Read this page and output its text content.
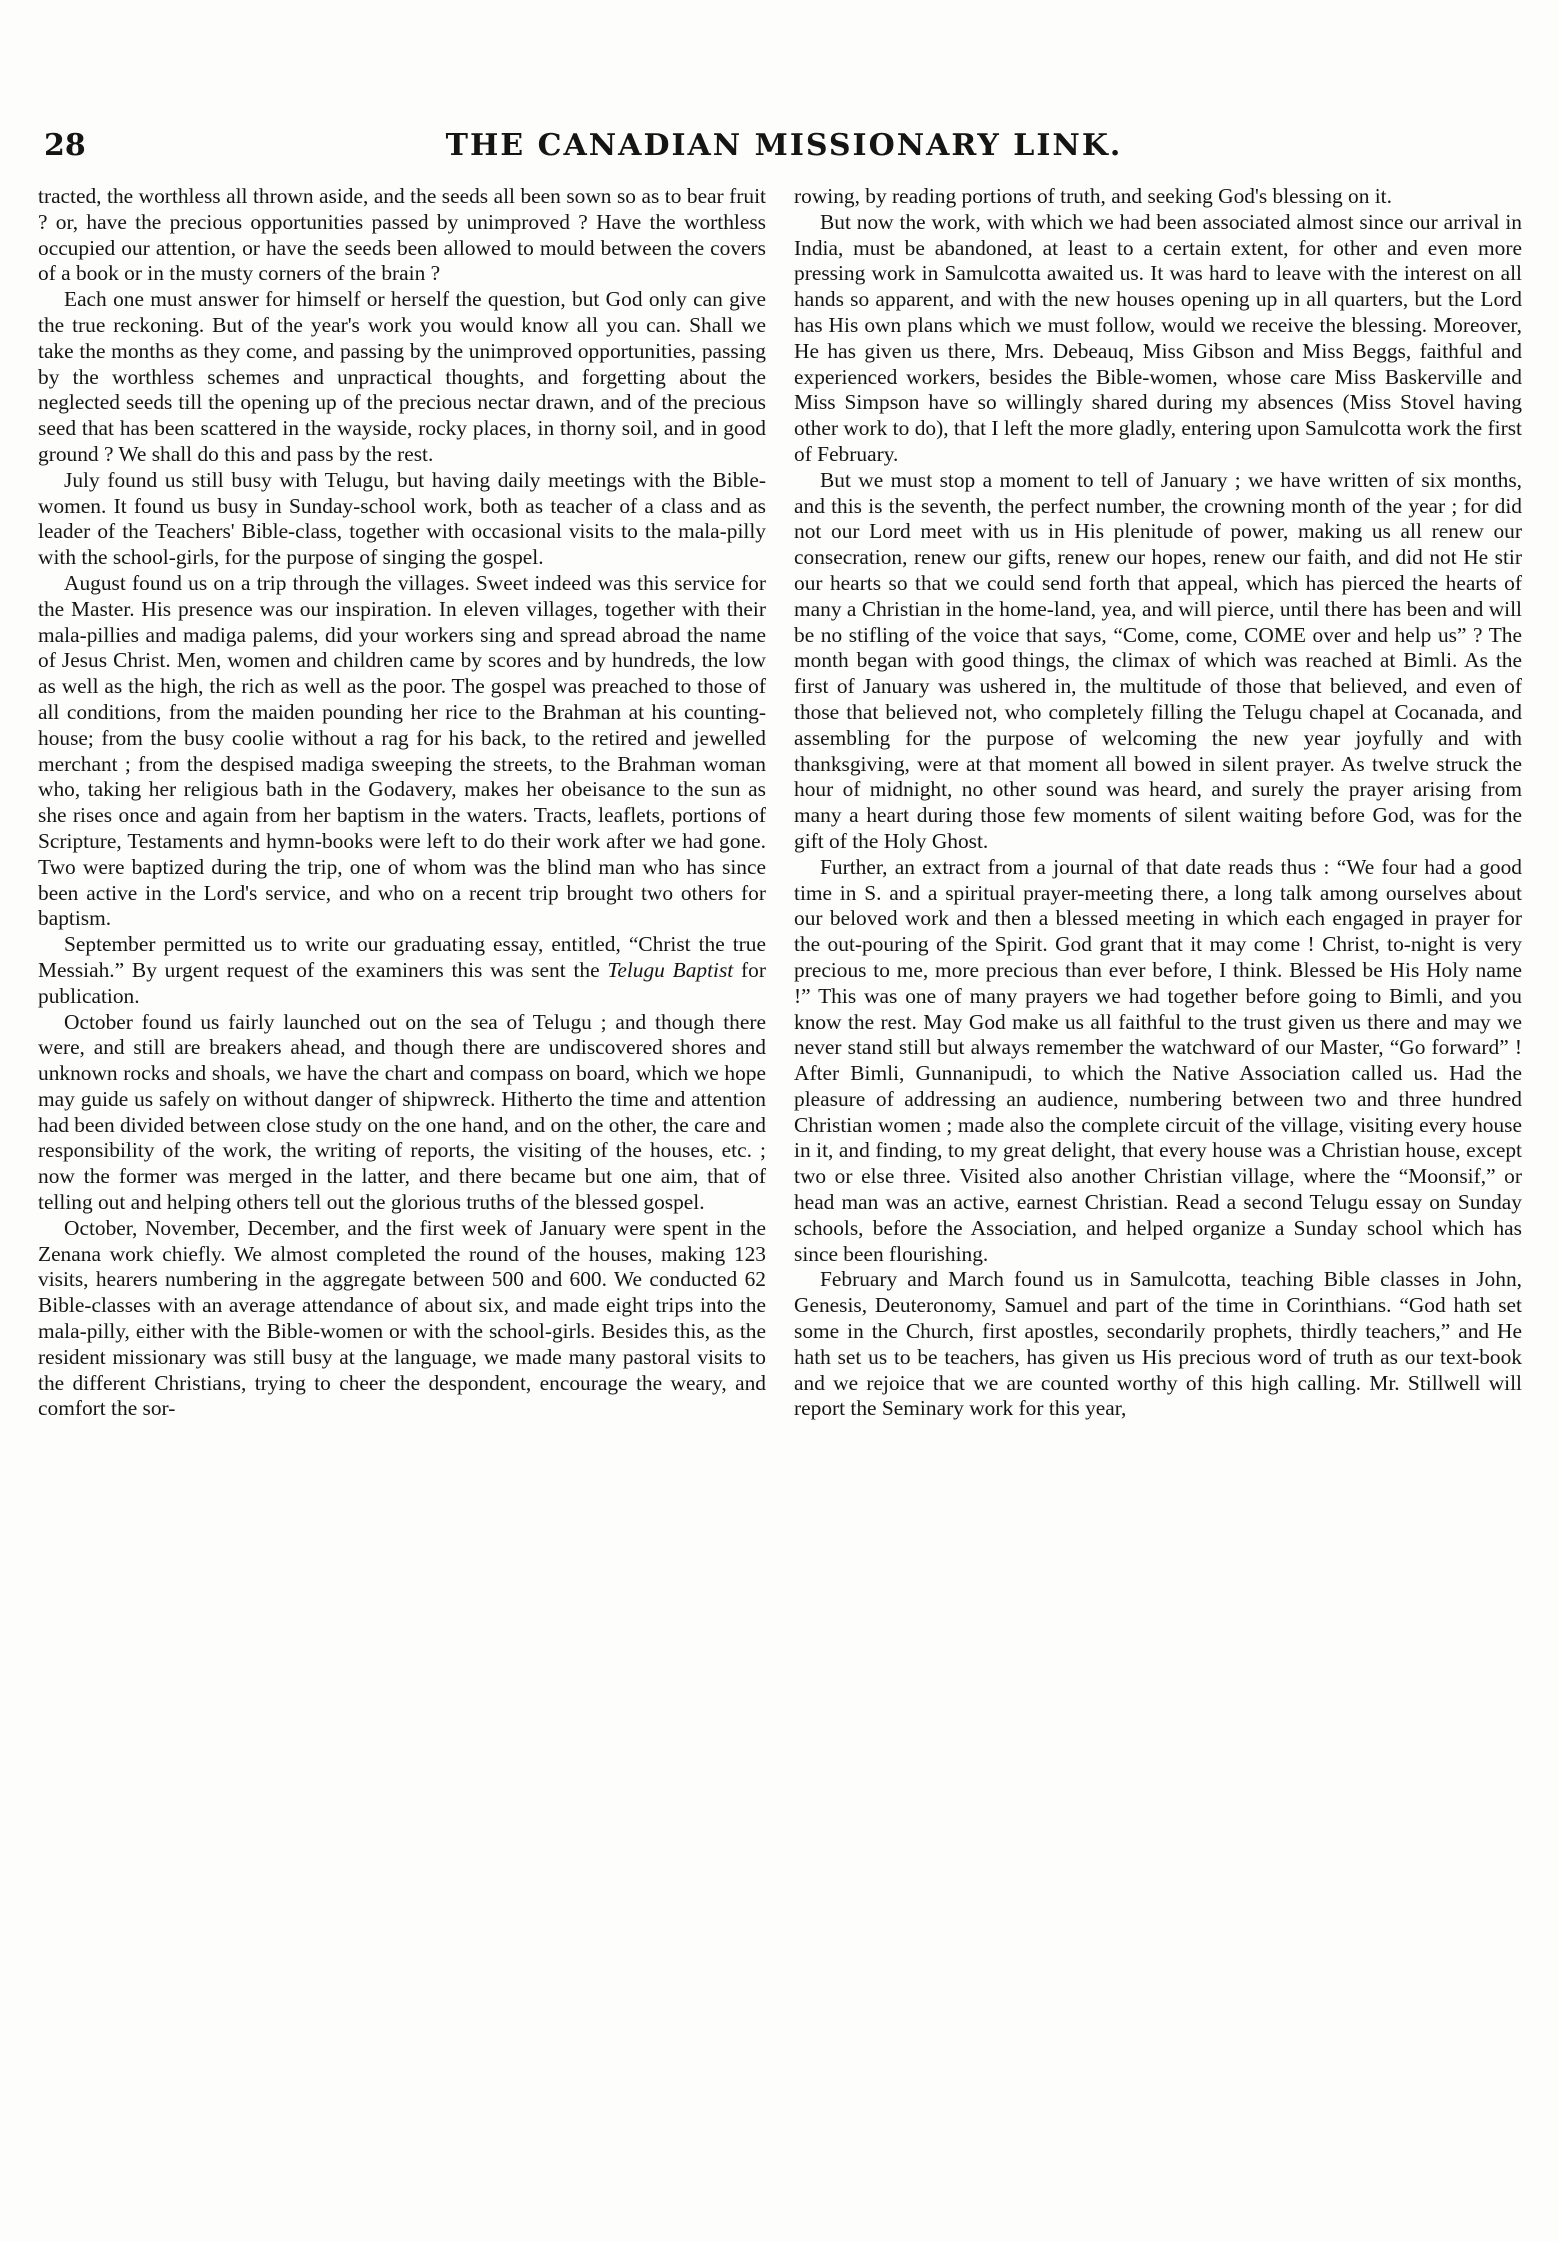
28	THE CANADIAN MISSIONARY LINK.

tracted, the worthless all thrown aside, and the seeds all been sown so as to bear fruit ? or, have the precious opportunities passed by unimproved ? Have the worthless occupied our attention, or have the seeds been allowed to mould between the covers of a book or in the musty corners of the brain ?

Each one must answer for himself or herself the question, but God only can give the true reckoning. But of the year's work you would know all you can. Shall we take the months as they come, and passing by the unimproved opportunities, passing by the worthless schemes and unpractical thoughts, and forgetting about the neglected seeds till the opening up of the precious nectar drawn, and of the precious seed that has been scattered in the wayside, rocky places, in thorny soil, and in good ground ? We shall do this and pass by the rest.

July found us still busy with Telugu, but having daily meetings with the Bible-women. It found us busy in Sunday-school work, both as teacher of a class and as leader of the Teachers' Bible-class, together with occasional visits to the mala-pilly with the school-girls, for the purpose of singing the gospel.

August found us on a trip through the villages. Sweet indeed was this service for the Master. His presence was our inspiration. In eleven villages, together with their mala-pillies and madiga palems, did your workers sing and spread abroad the name of Jesus Christ. Men, women and children came by scores and by hundreds, the low as well as the high, the rich as well as the poor. The gospel was preached to those of all conditions, from the maiden pounding her rice to the Brahman at his counting-house; from the busy coolie without a rag for his back, to the retired and jewelled merchant ; from the despised madiga sweeping the streets, to the Brahman woman who, taking her religious bath in the Godavery, makes her obeisance to the sun as she rises once and again from her baptism in the waters. Tracts, leaflets, portions of Scripture, Testaments and hymn-books were left to do their work after we had gone. Two were baptized during the trip, one of whom was the blind man who has since been active in the Lord's service, and who on a recent trip brought two others for baptism.

September permitted us to write our graduating essay, entitled, “Christ the true Messiah.” By urgent request of the examiners this was sent the Telugu Baptist for publication.

October found us fairly launched out on the sea of Telugu ; and though there were, and still are breakers ahead, and though there are undiscovered shores and unknown rocks and shoals, we have the chart and compass on board, which we hope may guide us safely on without danger of shipwreck. Hitherto the time and attention had been divided between close study on the one hand, and on the other, the care and responsibility of the work, the writing of reports, the visiting of the houses, etc. ; now the former was merged in the latter, and there became but one aim, that of telling out and helping others tell out the glorious truths of the blessed gospel.

October, November, December, and the first week of January were spent in the Zenana work chiefly. We almost completed the round of the houses, making 123 visits, hearers numbering in the aggregate between 500 and 600. We conducted 62 Bible-classes with an average attendance of about six, and made eight trips into the mala-pilly, either with the Bible-women or with the school-girls. Besides this, as the resident missionary was still busy at the language, we made many pastoral visits to the different Christians, trying to cheer the despondent, encourage the weary, and comfort the sor-

rowing, by reading portions of truth, and seeking God's blessing on it.

But now the work, with which we had been associated almost since our arrival in India, must be abandoned, at least to a certain extent, for other and even more pressing work in Samulcotta awaited us. It was hard to leave with the interest on all hands so apparent, and with the new houses opening up in all quarters, but the Lord has His own plans which we must follow, would we receive the blessing. Moreover, He has given us there, Mrs. Debeauq, Miss Gibson and Miss Beggs, faithful and experienced workers, besides the Bible-women, whose care Miss Baskerville and Miss Simpson have so willingly shared during my absences (Miss Stovel having other work to do), that I left the more gladly, entering upon Samulcotta work the first of February.

But we must stop a moment to tell of January ; we have written of six months, and this is the seventh, the perfect number, the crowning month of the year ; for did not our Lord meet with us in His plenitude of power, making us all renew our consecration, renew our gifts, renew our hopes, renew our faith, and did not He stir our hearts so that we could send forth that appeal, which has pierced the hearts of many a Christian in the home-land, yea, and will pierce, until there has been and will be no stifling of the voice that says, “Come, come, COME over and help us” ? The month began with good things, the climax of which was reached at Bimli. As the first of January was ushered in, the multitude of those that believed, and even of those that believed not, who completely filling the Telugu chapel at Cocanada, and assembling for the purpose of welcoming the new year joyfully and with thanksgiving, were at that moment all bowed in silent prayer. As twelve struck the hour of midnight, no other sound was heard, and surely the prayer arising from many a heart during those few moments of silent waiting before God, was for the gift of the Holy Ghost.

Further, an extract from a journal of that date reads thus : “We four had a good time in S. and a spiritual prayer-meeting there, a long talk among ourselves about our beloved work and then a blessed meeting in which each engaged in prayer for the out-pouring of the Spirit. God grant that it may come ! Christ, to-night is very precious to me, more precious than ever before, I think. Blessed be His Holy name !” This was one of many prayers we had together before going to Bimli, and you know the rest. May God make us all faithful to the trust given us there and may we never stand still but always remember the watchward of our Master, “Go forward” ! After Bimli, Gunnanipudi, to which the Native Association called us. Had the pleasure of addressing an audience, numbering between two and three hundred Christian women ; made also the complete circuit of the village, visiting every house in it, and finding, to my great delight, that every house was a Christian house, except two or else three. Visited also another Christian village, where the “Moonsif,” or head man was an active, earnest Christian. Read a second Telugu essay on Sunday schools, before the Association, and helped organize a Sunday school which has since been flourishing.

February and March found us in Samulcotta, teaching Bible classes in John, Genesis, Deuteronomy, Samuel and part of the time in Corinthians. “God hath set some in the Church, first apostles, secondarily prophets, thirdly teachers,” and He hath set us to be teachers, has given us His precious word of truth as our text-book and we rejoice that we are counted worthy of this high calling. Mr. Stillwell will report the Seminary work for this year,
